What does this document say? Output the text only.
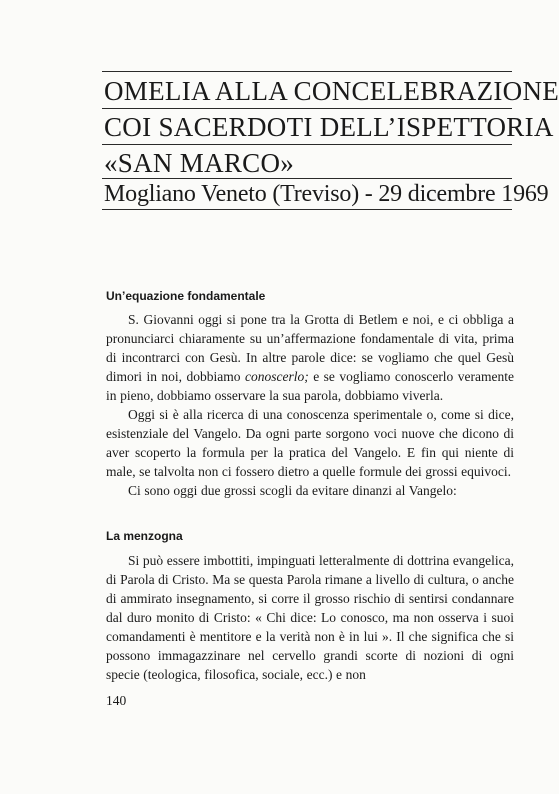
OMELIA ALLA CONCELEBRAZIONE
COI SACERDOTI DELL’ISPETTORIA
«SAN MARCO»
Mogliano Veneto (Treviso) - 29 dicembre 1969
Un’equazione fondamentale

S. Giovanni oggi si pone tra la Grotta di Betlem e noi, e ci obbliga a pronunciarci chiaramente su un’affermazione fondamentale di vita, prima di incontrarci con Gesù. In altre parole dice: se vogliamo che quel Gesù dimori in noi, dobbiamo conoscerlo; e se vogliamo conoscerlo veramente in pieno, dobbiamo osservare la sua parola, dobbiamo viverla.

Oggi si è alla ricerca di una conoscenza sperimentale o, come si dice, esistenziale del Vangelo. Da ogni parte sorgono voci nuove che dicono di aver scoperto la formula per la pratica del Vangelo. E fin qui niente di male, se talvolta non ci fossero dietro a quelle formule dei grossi equivoci.

Ci sono oggi due grossi scogli da evitare dinanzi al Vangelo:

La menzogna

Si può essere imbottiti, impinguati letteralmente di dottrina evangelica, di Parola di Cristo. Ma se questa Parola rimane a livello di cultura, o anche di ammirato insegnamento, si corre il grosso rischio di sentirsi condannare dal duro monito di Cristo: « Chi dice: Lo conosco, ma non osserva i suoi comandamenti è mentitore e la verità non è in lui ». Il che significa che si possono immagazzinare nel cervello grandi scorte di nozioni di ogni specie (teologica, filosofica, sociale, ecc.) e non

140
